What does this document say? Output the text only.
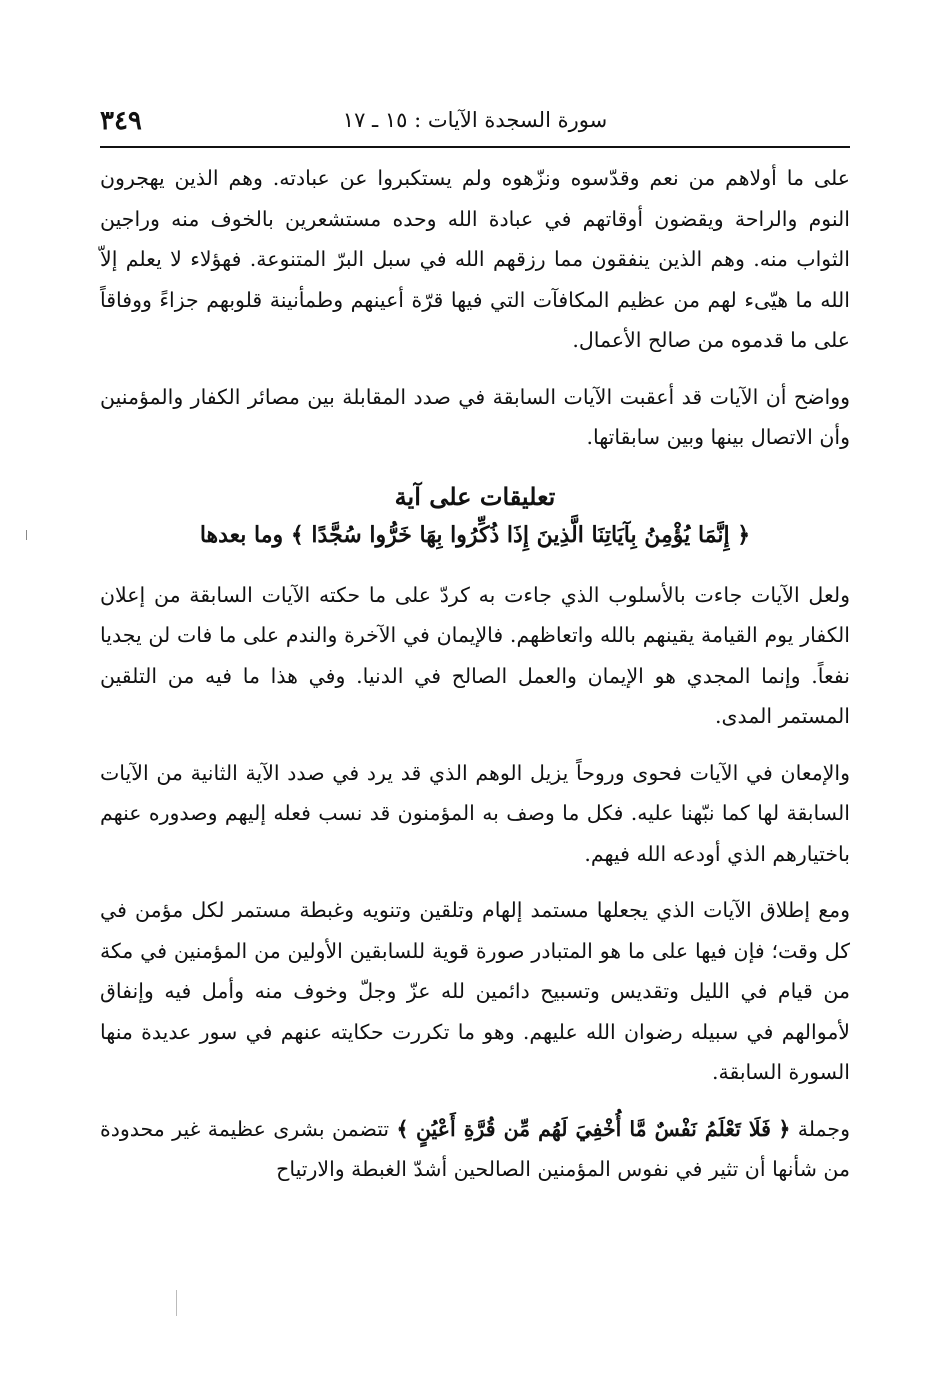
٣٤٩	سورة السجدة الآيات : ١٥ ـ ١٧

على ما أولاهم من نعم وقدّسوه ونزّهوه ولم يستكبروا عن عبادته. وهم الذين يهجرون النوم والراحة ويقضون أوقاتهم في عبادة الله وحده مستشعرين بالخوف منه وراجين الثواب منه. وهم الذين ينفقون مما رزقهم الله في سبل البرّ المتنوعة. فهؤلاء لا يعلم إلاّ الله ما هيّىء لهم من عظيم المكافآت التي فيها قرّة أعينهم وطمأنينة قلوبهم جزاءً ووفاقاً على ما قدموه من صالح الأعمال.

وواضح أن الآيات قد أعقبت الآيات السابقة في صدد المقابلة بين مصائر الكفار والمؤمنين وأن الاتصال بينها وبين سابقاتها.

تعليقات على آية
﴿ إِنَّمَا يُؤْمِنُ بِآيَاتِنَا الَّذِينَ إِذَا ذُكِّرُوا بِهَا خَرُّوا سُجَّدًا ﴾ وما بعدها

ولعل الآيات جاءت بالأسلوب الذي جاءت به كردّ على ما حكته الآيات السابقة من إعلان الكفار يوم القيامة يقينهم بالله واتعاظهم. فالإيمان في الآخرة والندم على ما فات لن يجديا نفعاً. وإنما المجدي هو الإيمان والعمل الصالح في الدنيا. وفي هذا ما فيه من التلقين المستمر المدى.

والإمعان في الآيات فحوى وروحاً يزيل الوهم الذي قد يرد في صدد الآية الثانية من الآيات السابقة لها كما نبّهنا عليه. فكل ما وصف به المؤمنون قد نسب فعله إليهم وصدوره عنهم باختيارهم الذي أودعه الله فيهم.

ومع إطلاق الآيات الذي يجعلها مستمد إلهام وتلقين وتنويه وغبطة مستمر لكل مؤمن في كل وقت؛ فإن فيها على ما هو المتبادر صورة قوية للسابقين الأولين من المؤمنين في مكة من قيام في الليل وتقديس وتسبيح دائمين لله عزّ وجلّ وخوف منه وأمل فيه وإنفاق لأموالهم في سبيله رضوان الله عليهم. وهو ما تكررت حكايته عنهم في سور عديدة منها السورة السابقة.

وجملة ﴿ فَلَا تَعْلَمُ نَفْسٌ مَّا أُخْفِيَ لَهُم مِّن قُرَّةِ أَعْيُنٍ ﴾ تتضمن بشرى عظيمة غير محدودة من شأنها أن تثير في نفوس المؤمنين الصالحين أشدّ الغبطة والارتياح
